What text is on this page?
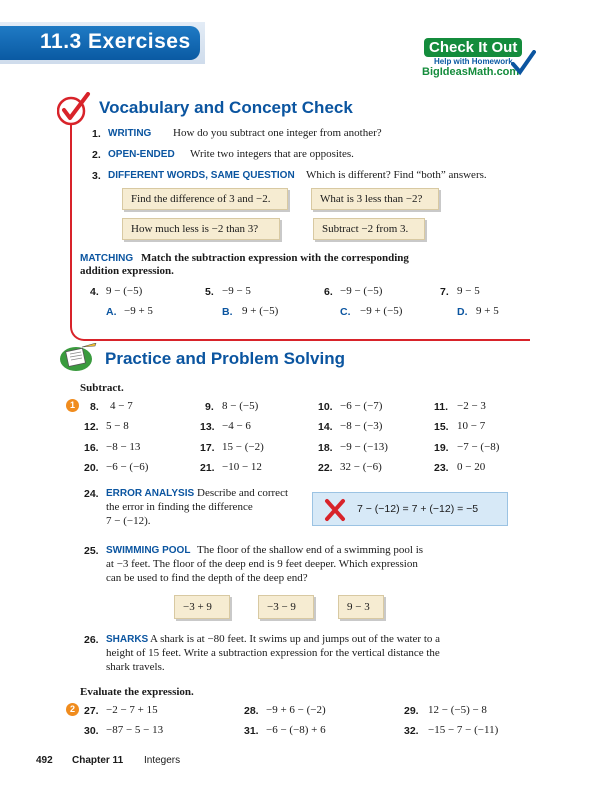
11.3 Exercises	Check It Out
Help with Homework
BigIdeasMath.com
Vocabulary and Concept Check
1. WRITING How do you subtract one integer from another?
2. OPEN-ENDED Write two integers that are opposites.
3. DIFFERENT WORDS, SAME QUESTION Which is different? Find “both” answers.
Find the difference of 3 and −2.	What is 3 less than −2?
How much less is −2 than 3?	Subtract −2 from 3.
MATCHING Match the subtraction expression with the corresponding
addition expression.
4. 9 − (−5)	5. −9 − 5	6. −9 − (−5)	7. 9 − 5
A. −9 + 5	B. 9 + (−5)	C. −9 + (−5)	D. 9 + 5
Practice and Problem Solving
Subtract.
1	8. 4 − 7	9. 8 − (−5)	10. −6 − (−7)	11. −2 − 3
12. 5 − 8	13. −4 − 6	14. −8 − (−3)	15. 10 − 7
16. −8 − 13	17. 15 − (−2)	18. −9 − (−13)	19. −7 − (−8)
20. −6 − (−6)	21. −10 − 12	22. 32 − (−6)	23. 0 − 20
24. ERROR ANALYSIS Describe and correct
the error in finding the difference
7 − (−12).
7 − (−12) = 7 + (−12) = −5
25. SWIMMING POOL The floor of the shallow end of a swimming pool is
at −3 feet. The floor of the deep end is 9 feet deeper. Which expression
can be used to find the depth of the deep end?
−3 + 9	−3 − 9	9 − 3
26. SHARKS A shark is at −80 feet. It swims up and jumps out of the water to a
height of 15 feet. Write a subtraction expression for the vertical distance the
shark travels.
Evaluate the expression.
2 27. −2 − 7 + 15	28. −9 + 6 − (−2)	29. 12 − (−5) − 8
30. −87 − 5 − 13	31. −6 − (−8) + 6	32. −15 − 7 − (−11)
492 Chapter 11 Integers
